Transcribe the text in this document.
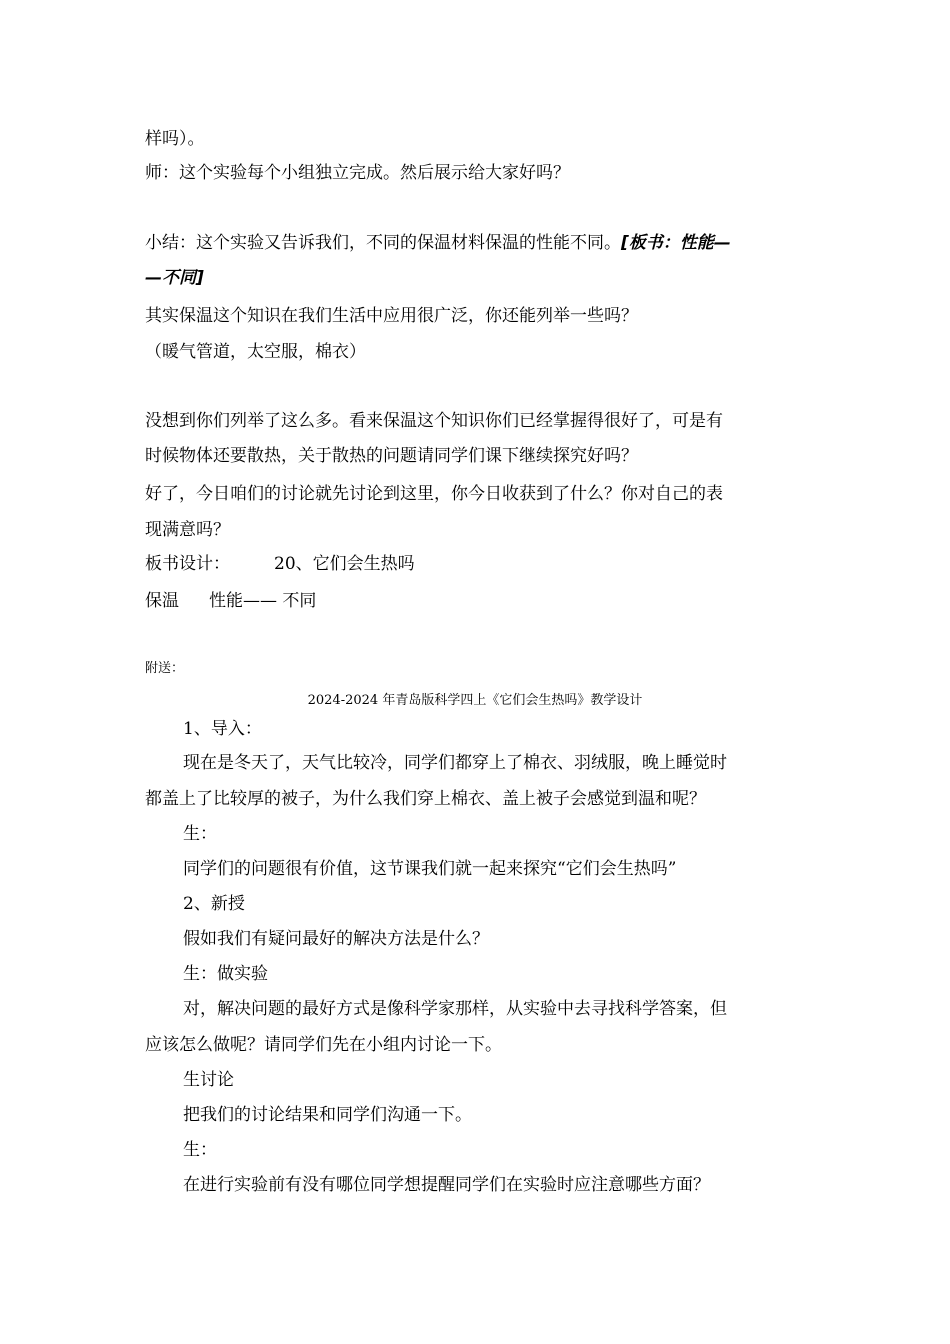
样吗）。
师：这个实验每个小组独立完成。然后展示给大家好吗？
小结：这个实验又告诉我们，不同的保温材料保温的性能不同。[板书：性能—
—不同]
其实保温这个知识在我们生活中应用很广泛，你还能列举一些吗？
（暖气管道，太空服，棉衣）
没想到你们列举了这么多。看来保温这个知识你们已经掌握得很好了，可是有
时候物体还要散热，关于散热的问题请同学们课下继续探究好吗？
好了，今日咱们的讨论就先讨论到这里，你今日收获到了什么？你对自己的表
现满意吗？
板书设计：	20、它们会生热吗
保温 性能—— 不同
附送：
2024-2024 年青岛版科学四上《它们会生热吗》教学设计
1、导入：
现在是冬天了，天气比较冷，同学们都穿上了棉衣、羽绒服，晚上睡觉时
都盖上了比较厚的被子，为什么我们穿上棉衣、盖上被子会感觉到温和呢？
生：
同学们的问题很有价值，这节课我们就一起来探究“它们会生热吗”
2、新授
假如我们有疑问最好的解决方法是什么？
生：做实验
对，解决问题的最好方式是像科学家那样，从实验中去寻找科学答案，但
应该怎么做呢？请同学们先在小组内讨论一下。
生讨论
把我们的讨论结果和同学们沟通一下。
生：
在进行实验前有没有哪位同学想提醒同学们在实验时应注意哪些方面？
